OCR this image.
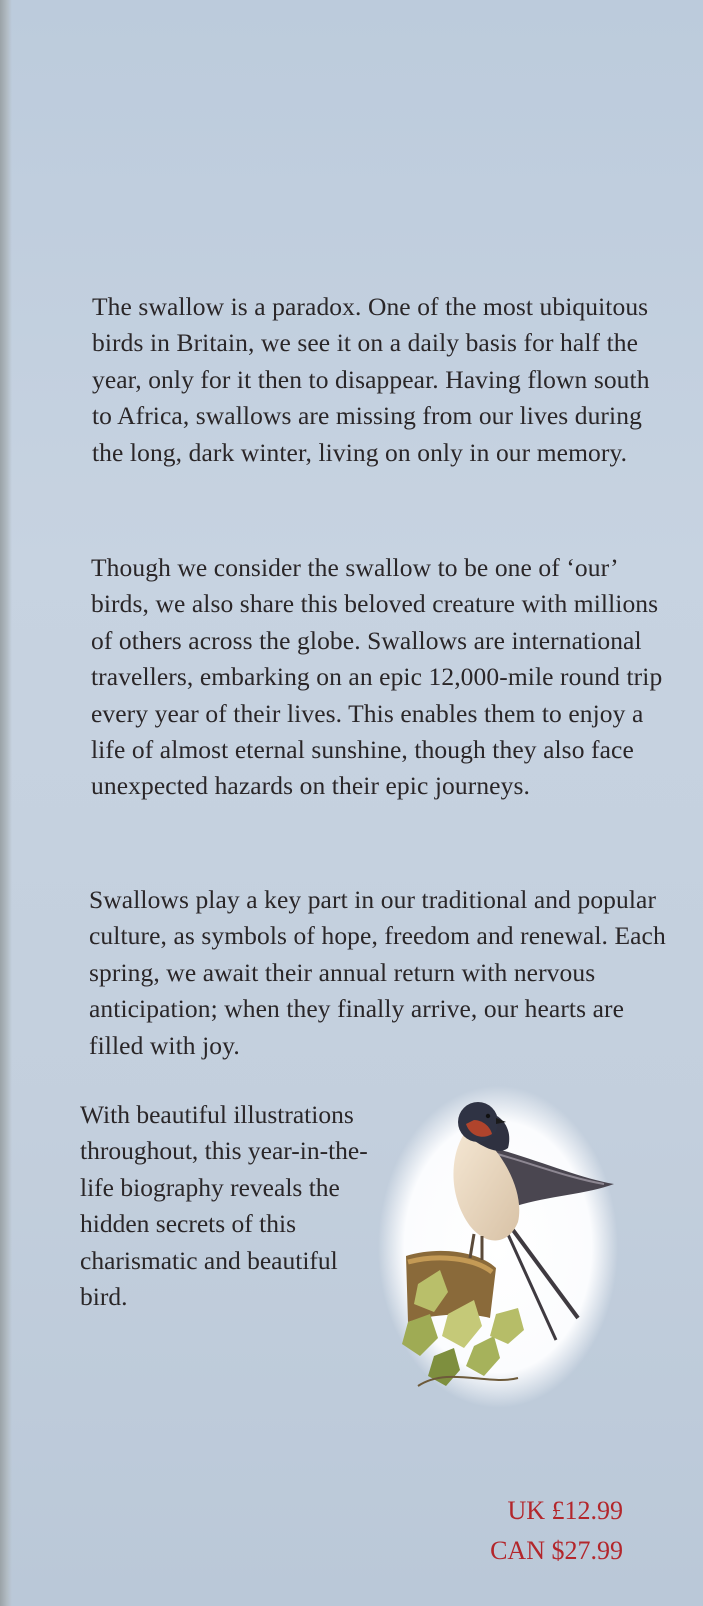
The swallow is a paradox. One of the most ubiquitous birds in Britain, we see it on a daily basis for half the year, only for it then to disappear. Having flown south to Africa, swallows are missing from our lives during the long, dark winter, living on only in our memory.

Though we consider the swallow to be one of ‘our’ birds, we also share this beloved creature with millions of others across the globe. Swallows are international travellers, embarking on an epic 12,000-mile round trip every year of their lives. This enables them to enjoy a life of almost eternal sunshine, though they also face unexpected hazards on their epic journeys.

Swallows play a key part in our traditional and popular culture, as symbols of hope, freedom and renewal. Each spring, we await their annual return with nervous anticipation; when they finally arrive, our hearts are filled with joy.

With beautiful illustrations throughout, this year-in-the-life biography reveals the hidden secrets of this charismatic and beautiful bird.

UK £12.99
CAN $27.99
